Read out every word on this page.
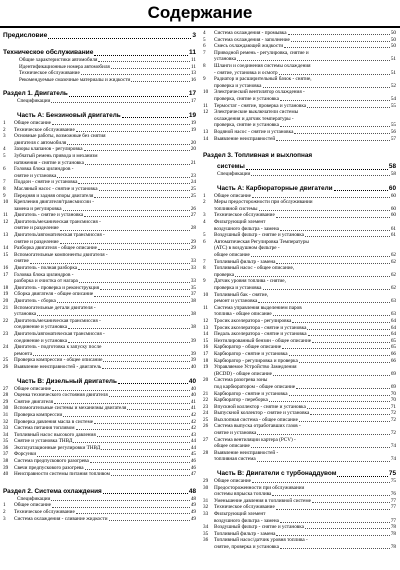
Содержание
Предисловие	3
Техническое обслуживание	11
Общие характеристики автомобиля	11
Идентификационные номера автомобиля	11
Техническое обслуживание	13
Рекомендуемые смазочные материалы и жидкости	16
Раздел 1. Двигатель	17
Спецификации	17
Часть A: Бензиновый двигатель	19
1	Общее описание	19
2	Техническое обслуживание	19
3	Основные работы, возможные без снятия
двигателя с автомобиля	20
4	Зазоры клапанов - регулировка	20
5	Зубчатый ремень привода и механизм
натяжения - снятие и установка	21
6	Головка блока цилиндров -
снятие и установка	23
7	Поддон - снятие и установка	24
8	Масляный насос - снятие и установка	25
9	Передняя и задняя опоры двигателя	25
10	Крепления двигателя/трансмиссии -
замена и регулировка	26
11	Двигатель - снятие и установка	27
12	Двигатель/механическая трансмиссия -
снятие и разделение	28
13	Двигатель/автоматическая трансмиссия -
снятие и разделение	29
14	Разборка двигателя - общее описание	29
15	Вспомогательные компоненты двигателя -
снятие	33
16	Двигатель - полная разборка	33
17	Головка блока цилиндров -
разборка и очистка от нагара	33
18	Двигатель - проверка и реконструкция	35
19	Сборка двигателя - общее описание	37
20	Двигатель - сборка	38
21	Вспомогательные детали двигателя -
установка	38
22	Двигатель/механическая трансмиссия -
соединение и установка	38
23	Двигатель/автоматическая трансмиссия -
соединение и установка	39
24	Двигатель - подготовка к запуску после
ремонта	39
25	Проверка компрессии - общее описание	39
26	Выявление неисправностей - двигатель	40
Часть B: Дизельный двигатель	40
27	Общее описание	40
28	Оценка технического состояния двигателя	40
29	Снятие двигателя	41
30	Вспомогательные системы и механизмы двигателя	41
31	Проверка компрессии	42
32	Проверка давления масла в системе	42
33	Система питания топливом	42
34	Топливный насос высокого давления	43
35	Снятие и установка ТНВД	44
36	Эксплуатационные регулировки ТНВД	44
37	Форсунки	45
38	Система предпускового разогрева	46
39	Свечи предпускового разогрева	46
40	Неисправности системы питания топливом	47
Раздел 2. Система охлаждения	48
Спецификации	48
1	Общее описание	49
2	Техническое обслуживание	49
3	Система охлаждения - сливание жидкости	49
4	Система охлаждения - промывка	50
5	Система охлаждения - заполнение	50
6	Смесь охлаждающей жидкости	50
7	Приводной ремень - регулировка, снятие и
установка	51
8	Шланги и соединения системы охлаждения
- снятие, установка и осмотр	51
9	Радиатор и расширительный бачок - снятие,
проверка и установка	52
10	Электрический вентилятор охлаждения -
проверка, снятие и установка	54
11	Термостат - снятие, проверка и установка	55
12	Электрические выключатели системы
охлаждения и датчик температуры -
проверка, снятие и установка	55
13	Водяной насос - снятие и установка	56
14	Выявление неисправностей	57
Раздел 3. Топливная и выхлопная
системы	58
Спецификации	58
Часть A: Карбюраторные двигатели	60
1	Общее описание	60
2	Меры предосторожности при обслуживании
топливной системы	60
3	Техническое обслуживание	60
4	Фильтрующий элемент
воздушного фильтра - замена	61
5	Воздушный фильтр - снятие и установка	61
6	Автоматическая Регулировка Температуры
(АТС) в воздушном фильтре -
общее описание	62
7	Топливный фильтр - замена	62
8	Топливный насос - общее описание,
проверка	62
9	Датчик уровня топлива - снятие,
проверка и установка	62
10	Топливный бак - снятие,
ремонт и установка	63
11	Система управления выделением паров
топлива - общее описание	63
12	Тросик акселератора - регулировка	64
13	Тросик акселератора - снятие и установка	64
14	Педаль акселератора - снятие и установка	64
15	Неэтилированный бензин - общее описание	65
16	Карбюратор - общее описание	65
17	Карбюратор - снятие и установка	66
18	Карбюратор - регулировка и проверка	66
19	Управляемое Устройство Замедления
(ВСDD) - общее описание	69
20	Система разогрева зоны
под карбюратором - общее описание	69
21	Карбюратор - снятие и установка	70
22	Карбюратор - переборка	70
23	Впускной коллектор - снятие и установка	71
24	Выпускной коллектор - снятие и установка	72
25	Выхлопная система - общее описание	72
26	Система выпуска отработавших газов -
снятие и установка	72
27	Система вентиляции картера (PCV) -
общее описание	74
28	Выявление неисправностей -
топливная система	74
Часть B: Двигатели с турбонаддувом	75
29	Общее описание	75
30	Предостороженности при обслуживании
системы впрыска топлива	76
31	Уменьшение давления в топливной системе	77
32	Техническое обслуживание	77
33	Фильтрующий элемент
воздушного фильтра - замена	77
34	Воздушный фильтр - снятие и установка	78
35	Топливный фильтр - замена	78
36	Топливный насос/датчик уровня топлива -
снятие, проверка и установка	78
